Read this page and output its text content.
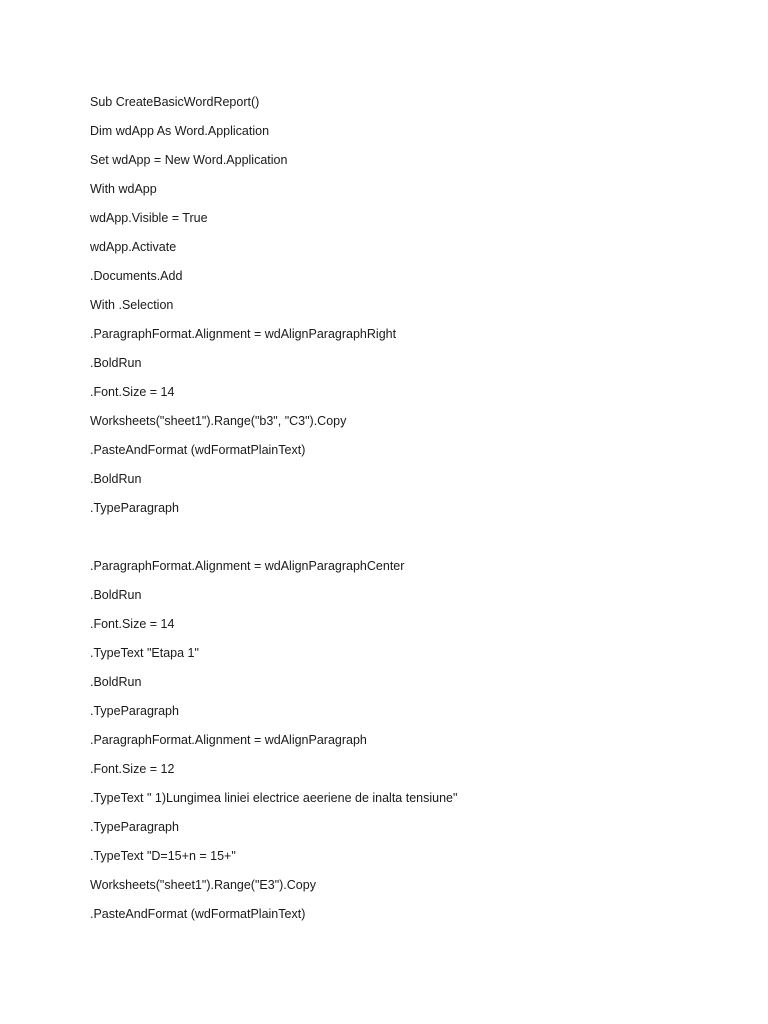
Sub CreateBasicWordReport()
Dim wdApp As Word.Application
Set wdApp = New Word.Application
With wdApp
wdApp.Visible = True
wdApp.Activate
.Documents.Add
With .Selection
.ParagraphFormat.Alignment = wdAlignParagraphRight
.BoldRun
.Font.Size = 14
Worksheets("sheet1").Range("b3", "C3").Copy
.PasteAndFormat (wdFormatPlainText)
.BoldRun
.TypeParagraph
.ParagraphFormat.Alignment = wdAlignParagraphCenter
.BoldRun
.Font.Size = 14
.TypeText "Etapa 1"
.BoldRun
.TypeParagraph
.ParagraphFormat.Alignment = wdAlignParagraph
.Font.Size = 12
.TypeText " 1)Lungimea liniei electrice aeeriene de inalta tensiune"
.TypeParagraph
.TypeText "D=15+n = 15+"
Worksheets("sheet1").Range("E3").Copy
.PasteAndFormat (wdFormatPlainText)
